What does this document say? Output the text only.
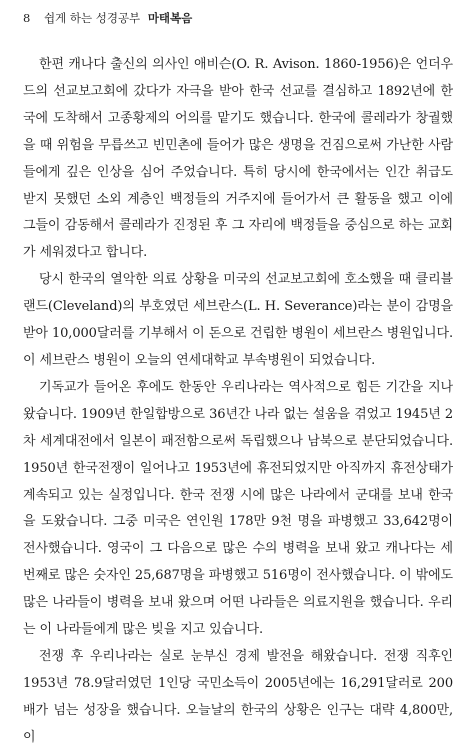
8 쉽게 하는 성경공부 마태복음

한편 캐나다 출신의 의사인 애비슨(O. R. Avison. 1860-1956)은 언더우드의 선교보고회에 갔다가 자극을 받아 한국 선교를 결심하고 1892년에 한국에 도착해서 고종황제의 어의를 맡기도 했습니다. 한국에 콜레라가 창궐했을 때 위험을 무릅쓰고 빈민촌에 들어가 많은 생명을 건짐으로써 가난한 사람들에게 깊은 인상을 심어 주었습니다. 특히 당시에 한국에서는 인간 취급도 받지 못했던 소외 계층인 백정들의 거주지에 들어가서 큰 활동을 했고 이에 그들이 감동해서 콜레라가 진정된 후 그 자리에 백정들을 중심으로 하는 교회가 세워졌다고 합니다.

당시 한국의 열악한 의료 상황을 미국의 선교보고회에 호소했을 때 클리블랜드(Cleveland)의 부호였던 세브란스(L. H. Severance)라는 분이 감명을 받아 10,000달러를 기부해서 이 돈으로 건립한 병원이 세브란스 병원입니다. 이 세브란스 병원이 오늘의 연세대학교 부속병원이 되었습니다.

기독교가 들어온 후에도 한동안 우리나라는 역사적으로 힘든 기간을 지나 왔습니다. 1909년 한일합방으로 36년간 나라 없는 설움을 겪었고 1945년 2차 세계대전에서 일본이 패전함으로써 독립했으나 남북으로 분단되었습니다. 1950년 한국전쟁이 일어나고 1953년에 휴전되었지만 아직까지 휴전상태가 계속되고 있는 실정입니다. 한국 전쟁 시에 많은 나라에서 군대를 보내 한국을 도왔습니다. 그중 미국은 연인원 178만 9천 명을 파병했고 33,642명이 전사했습니다. 영국이 그 다음으로 많은 수의 병력을 보내 왔고 캐나다는 세 번째로 많은 숫자인 25,687명을 파병했고 516명이 전사했습니다. 이 밖에도 많은 나라들이 병력을 보내 왔으며 어떤 나라들은 의료지원을 했습니다. 우리는 이 나라들에게 많은 빚을 지고 있습니다.

전쟁 후 우리나라는 실로 눈부신 경제 발전을 해왔습니다. 전쟁 직후인 1953년 78.9달러였던 1인당 국민소득이 2005년에는 16,291달러로 200배가 넘는 성장을 했습니다. 오늘날의 한국의 상황은 인구는 대략 4,800만, 이
